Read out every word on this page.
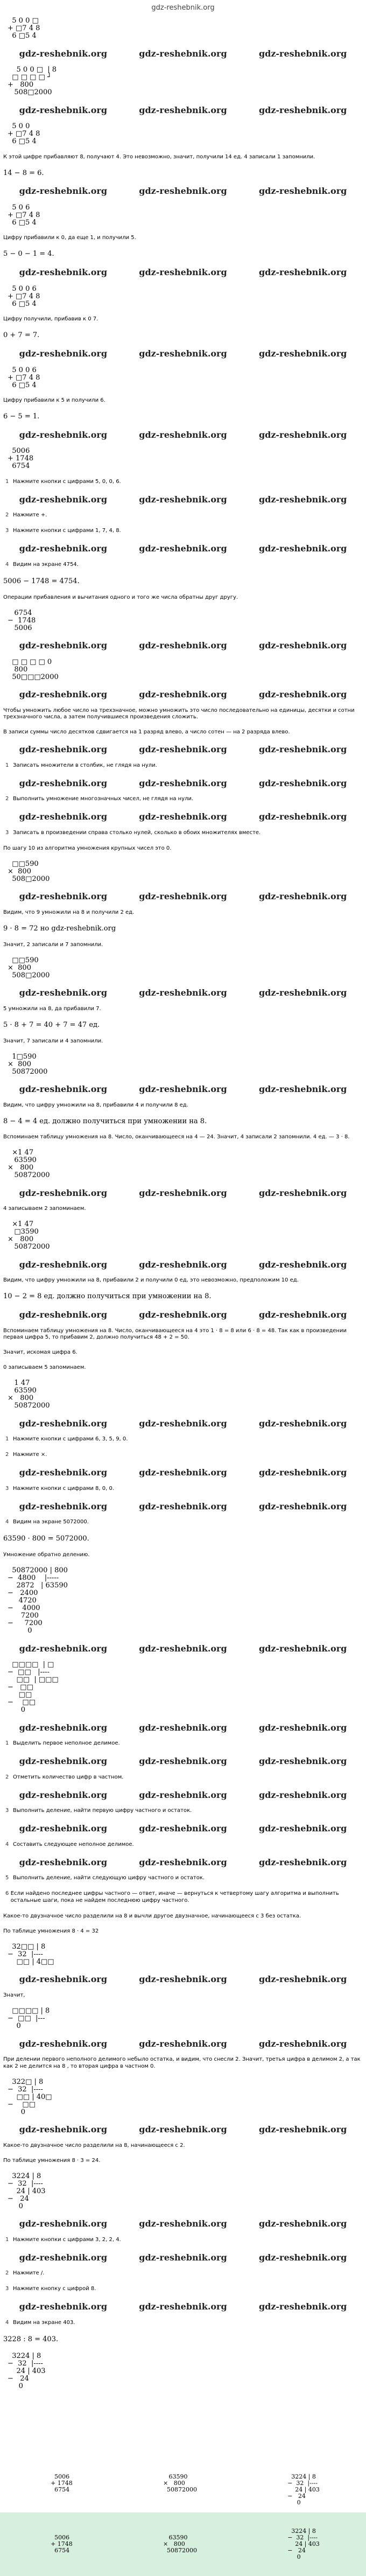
gdz-reshebnik.org
5 0 0 □
+ □7 4 8
6 □5 4
gdz-reshebnik.org	gdz-reshebnik.org	gdz-reshebnik.org
5 0 0 □  | 8
□ □ □ □ ┘
+   800
508□2000
gdz-reshebnik.org	gdz-reshebnik.org	gdz-reshebnik.org
5 0 0
+ □7 4 8
6 □5 4

К этой цифре прибавляют 8, получают 4. Это невозможно, значит, получили 14 ед. 4 записали 1 запомнили.

14 − 8 = 6.
gdz-reshebnik.org	gdz-reshebnik.org	gdz-reshebnik.org
5 0 6
+ □7 4 8
6 □5 4

Цифру прибавили к 0, да еще 1, и получили 5.

5 − 0 − 1 = 4.
gdz-reshebnik.org	gdz-reshebnik.org	gdz-reshebnik.org
5 0 0 6
+ □7 4 8
6 □5 4

Цифру получили, прибавив к 0 7.

0 + 7 = 7.
gdz-reshebnik.org	gdz-reshebnik.org	gdz-reshebnik.org
5 0 0 6
+ □7 4 8
6 □5 4

Цифру прибавили к 5 и получили 6.

6 − 5 = 1.
gdz-reshebnik.org	gdz-reshebnik.org	gdz-reshebnik.org
5006
+ 1748
6754
1 Нажмите кнопки с цифрами 5, 0, 0, 6.
gdz-reshebnik.org	gdz-reshebnik.org	gdz-reshebnik.org
2 Нажмите +.
3 Нажмите кнопки с цифрами 1, 7, 4, 8.
gdz-reshebnik.org	gdz-reshebnik.org	gdz-reshebnik.org
4 Видим на экране 4754.
5006 − 1748 = 4754.

Операции прибавления и вычитания одного и того же числа обратны друг другу.

6754
−  1748
5006
gdz-reshebnik.org	gdz-reshebnik.org	gdz-reshebnik.org
□ □ □ □ 0
800
50□□□2000
gdz-reshebnik.org	gdz-reshebnik.org	gdz-reshebnik.org

Чтобы умножить любое число на трехзначное, можно умножить это число последовательно на единицы, десятки и сотни трехзначного числа, а затем получившиеся произведения сложить.

В записи суммы число десятков сдвигается на 1 разряд влево, а число сотен — на 2 разряда влево.

gdz-reshebnik.org	gdz-reshebnik.org	gdz-reshebnik.org
1 Записать множители в столбик, не глядя на нули.
gdz-reshebnik.org	gdz-reshebnik.org	gdz-reshebnik.org
2 Выполнить умножение многозначных чисел, не глядя на нули.
gdz-reshebnik.org	gdz-reshebnik.org	gdz-reshebnik.org
3 Записать в произведении справа столько нулей, сколько в обоих множителях вместе.

По шагу 10 из алгоритма умножения крупных чисел это 0.

□□590
×  800
508□2000
gdz-reshebnik.org	gdz-reshebnik.org	gdz-reshebnik.org

Видим, что 9 умножили на 8 и получили 2 ед.

9 · 8 = 72 но gdz-reshebnik.org

Значит, 2 записали и 7 запомнили.

□□590
×  800
508□2000
gdz-reshebnik.org	gdz-reshebnik.org	gdz-reshebnik.org

5 умножили на 8, да прибавили 7.

5 · 8 + 7 = 40 + 7 = 47 ед.

Значит, 7 записали и 4 запомнили.

1□590
×  800
50872000
gdz-reshebnik.org	gdz-reshebnik.org	gdz-reshebnik.org

Видим, что цифру умножили на 8, прибавили 4 и получили 8 ед.

8 − 4 = 4 ед. должно получиться при умножении на 8.

Вспоминаем таблицу умножения на 8. Число, оканчивающееся на 4 — 24. Значит, 4 записали 2 запомнили. 4 ед. — 3 · 8.

×1 47
63590
×   800
50872000
gdz-reshebnik.org	gdz-reshebnik.org	gdz-reshebnik.org

4 записываем 2 запоминаем.

×1 47
□3590
×   800
50872000
gdz-reshebnik.org	gdz-reshebnik.org	gdz-reshebnik.org

Видим, что цифру умножили на 8, прибавили 2 и получили 0 ед, это невозможно, предположим 10 ед.

10 − 2 = 8 ед. должно получиться при умножении на 8.
gdz-reshebnik.org	gdz-reshebnik.org	gdz-reshebnik.org

Вспоминаем таблицу умножения на 8. Число, оканчивающееся на 4 это 1 · 8 = 8 или 6 · 8 = 48. Так как в произведении первая цифра 5, то прибавим 2, должно получиться 48 + 2 = 50.

Значит, искомая цифра 6.

0 записываем 5 запоминаем.

1 47
63590
×   800
50872000
gdz-reshebnik.org	gdz-reshebnik.org	gdz-reshebnik.org
1 Нажмите кнопки с цифрами 6, 3, 5, 9, 0.
2 Нажмите ×.
gdz-reshebnik.org	gdz-reshebnik.org	gdz-reshebnik.org
3 Нажмите кнопки с цифрами 8, 0, 0.
gdz-reshebnik.org	gdz-reshebnik.org	gdz-reshebnik.org
4 Видим на экране 5072000.
63590 · 800 = 5072000.

Умножение обратно делению.

50872000 | 800
−  4800    |-----
2872   | 63590
−   2400
4720
−    4000
7200
−     7200
0
gdz-reshebnik.org	gdz-reshebnik.org	gdz-reshebnik.org
□□□□  | □
−  □□   |----
□□  | □□□
−   □□
□□
−    □□
0
gdz-reshebnik.org	gdz-reshebnik.org	gdz-reshebnik.org
1 Выделить первое неполное делимое.
gdz-reshebnik.org	gdz-reshebnik.org	gdz-reshebnik.org
2 Отметить количество цифр в частном.
gdz-reshebnik.org	gdz-reshebnik.org	gdz-reshebnik.org
3 Выполнить деление, найти первую цифру частного и остаток.
gdz-reshebnik.org	gdz-reshebnik.org	gdz-reshebnik.org
4 Составить следующее неполное делимое.
gdz-reshebnik.org	gdz-reshebnik.org	gdz-reshebnik.org
5 Выполнить деление, найти следующую цифру частного и остаток.
6 Если найдено последнее цифры частного — ответ, иначе — вернуться к четвертому шагу алгоритма и выполнить остальные шаги, пока не найдем последнюю цифру частного.

Какое-то двузначное число разделили на 8 и вычли другое двузначное, начинающееся с 3 без остатка.

По таблице умножения 8 · 4 = 32

32□□ | 8
−  32  |----
□□ | 4□□
gdz-reshebnik.org	gdz-reshebnik.org	gdz-reshebnik.org

Значит,

□□□□ | 8
−  □□  |---
0
gdz-reshebnik.org	gdz-reshebnik.org	gdz-reshebnik.org

При делении первого неполного делимого небыло остатка, и видим, что снесли 2. Значит, третья цифра в делимом 2, а так как 2 не делится на 8 , то вторая цифра в частном 0.

322□ | 8
−  32  |----
□□ | 40□
−    □□
0
gdz-reshebnik.org	gdz-reshebnik.org	gdz-reshebnik.org

Какое-то двузначное число разделили на 8, начинающееся с 2.

По таблице умножения 8 · 3 = 24.

3224 | 8
−  32  |----
24 | 403
−   24
0
gdz-reshebnik.org	gdz-reshebnik.org	gdz-reshebnik.org
1 Нажмите кнопки с цифрами 3, 2, 2, 4.
gdz-reshebnik.org	gdz-reshebnik.org	gdz-reshebnik.org
2 Нажмите /.
3 Нажмите кнопку с цифрой 8.
gdz-reshebnik.org	gdz-reshebnik.org	gdz-reshebnik.org
4 Видим на экране 403.
3228 : 8 = 403.
3224 | 8
−  32  |----
24 | 403
−   24
0
5006
+ 1748
6754
63590
×   800
50872000
3224 | 8
−  32  |----
24 | 403
−   24
0
5006
+ 1748
6754
63590
×   800
50872000
3224 | 8
−  32  |----
24 | 403
−   24
0
